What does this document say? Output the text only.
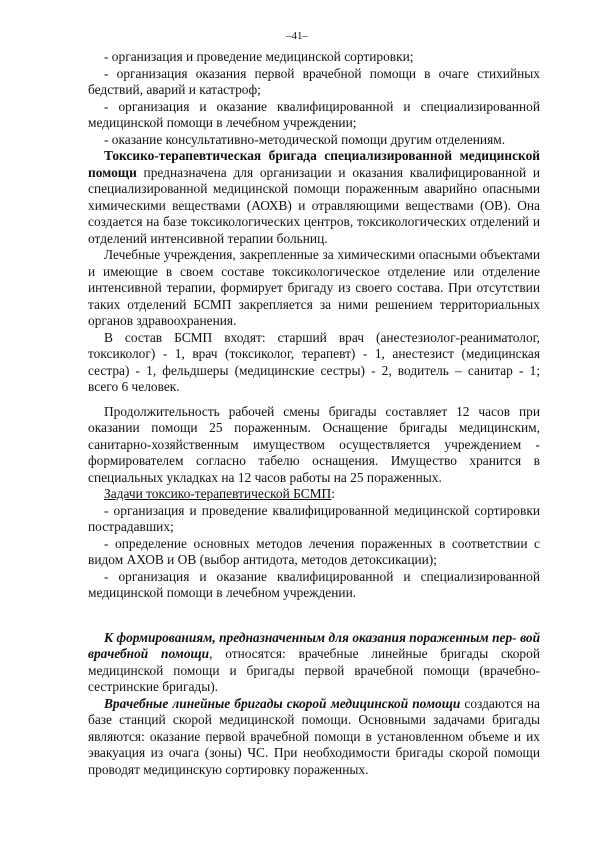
–41–

- организация и проведение медицинской сортировки;

- организация оказания первой врачебной помощи в очаге стихийных бедствий, аварий и катастроф;

- организация и оказание квалифицированной и специализированной медицинской помощи в лечебном учреждении;

- оказание консультативно-методической помощи другим отделениям.

Токсико-терапевтическая бригада специализированной медицинской помощи предназначена для организации и оказания квалифицированной и специализированной медицинской помощи пораженным аварийно опасными химическими веществами (АОХВ) и отравляющими веществами (ОВ). Она создается на базе токсикологических центров, токсикологических отделений и отделений интенсивной терапии больниц.

Лечебные учреждения, закрепленные за химическими опасными объектами и имеющие в своем составе токсикологическое отделение или отделение интенсивной терапии, формирует бригаду из своего состава. При отсутствии таких отделений БСМП закрепляется за ними решением территориальных органов здравоохранения.

В состав БСМП входят: старший врач (анестезиолог-реаниматолог, токсиколог) - 1, врач (токсиколог, терапевт) - 1, анестезист (медицинская сестра) - 1, фельдшеры (медицинские сестры) - 2, водитель – санитар - 1; всего 6 человек.

Продолжительность рабочей смены бригады составляет 12 часов при оказании помощи 25 пораженным. Оснащение бригады медицинским, санитарно-хозяйственным имуществом осуществляется учреждением - формирователем согласно табелю оснащения. Имущество хранится в специальных укладках на 12 часов работы на 25 пораженных.

Задачи токсико-терапевтической БСМП:

- организация и проведение квалифицированной медицинской сортировки пострадавших;

- определение основных методов лечения пораженных в соответствии с видом АХОВ и ОВ (выбор антидота, методов детоксикации);

- организация и оказание квалифицированной и специализированной медицинской помощи в лечебном учреждении.

К формированиям, предназначенным для оказания пораженным пер- вой врачебной помощи, относятся: врачебные линейные бригады скорой медицинской помощи и бригады первой врачебной помощи (врачебно-сестринские бригады).

Врачебные линейные бригады скорой медицинской помощи создаются на базе станций скорой медицинской помощи. Основными задачами бригады являются: оказание первой врачебной помощи в установленном объеме и их эвакуация из очага (зоны) ЧС. При необходимости бригады скорой помощи проводят медицинскую сортировку пораженных.
